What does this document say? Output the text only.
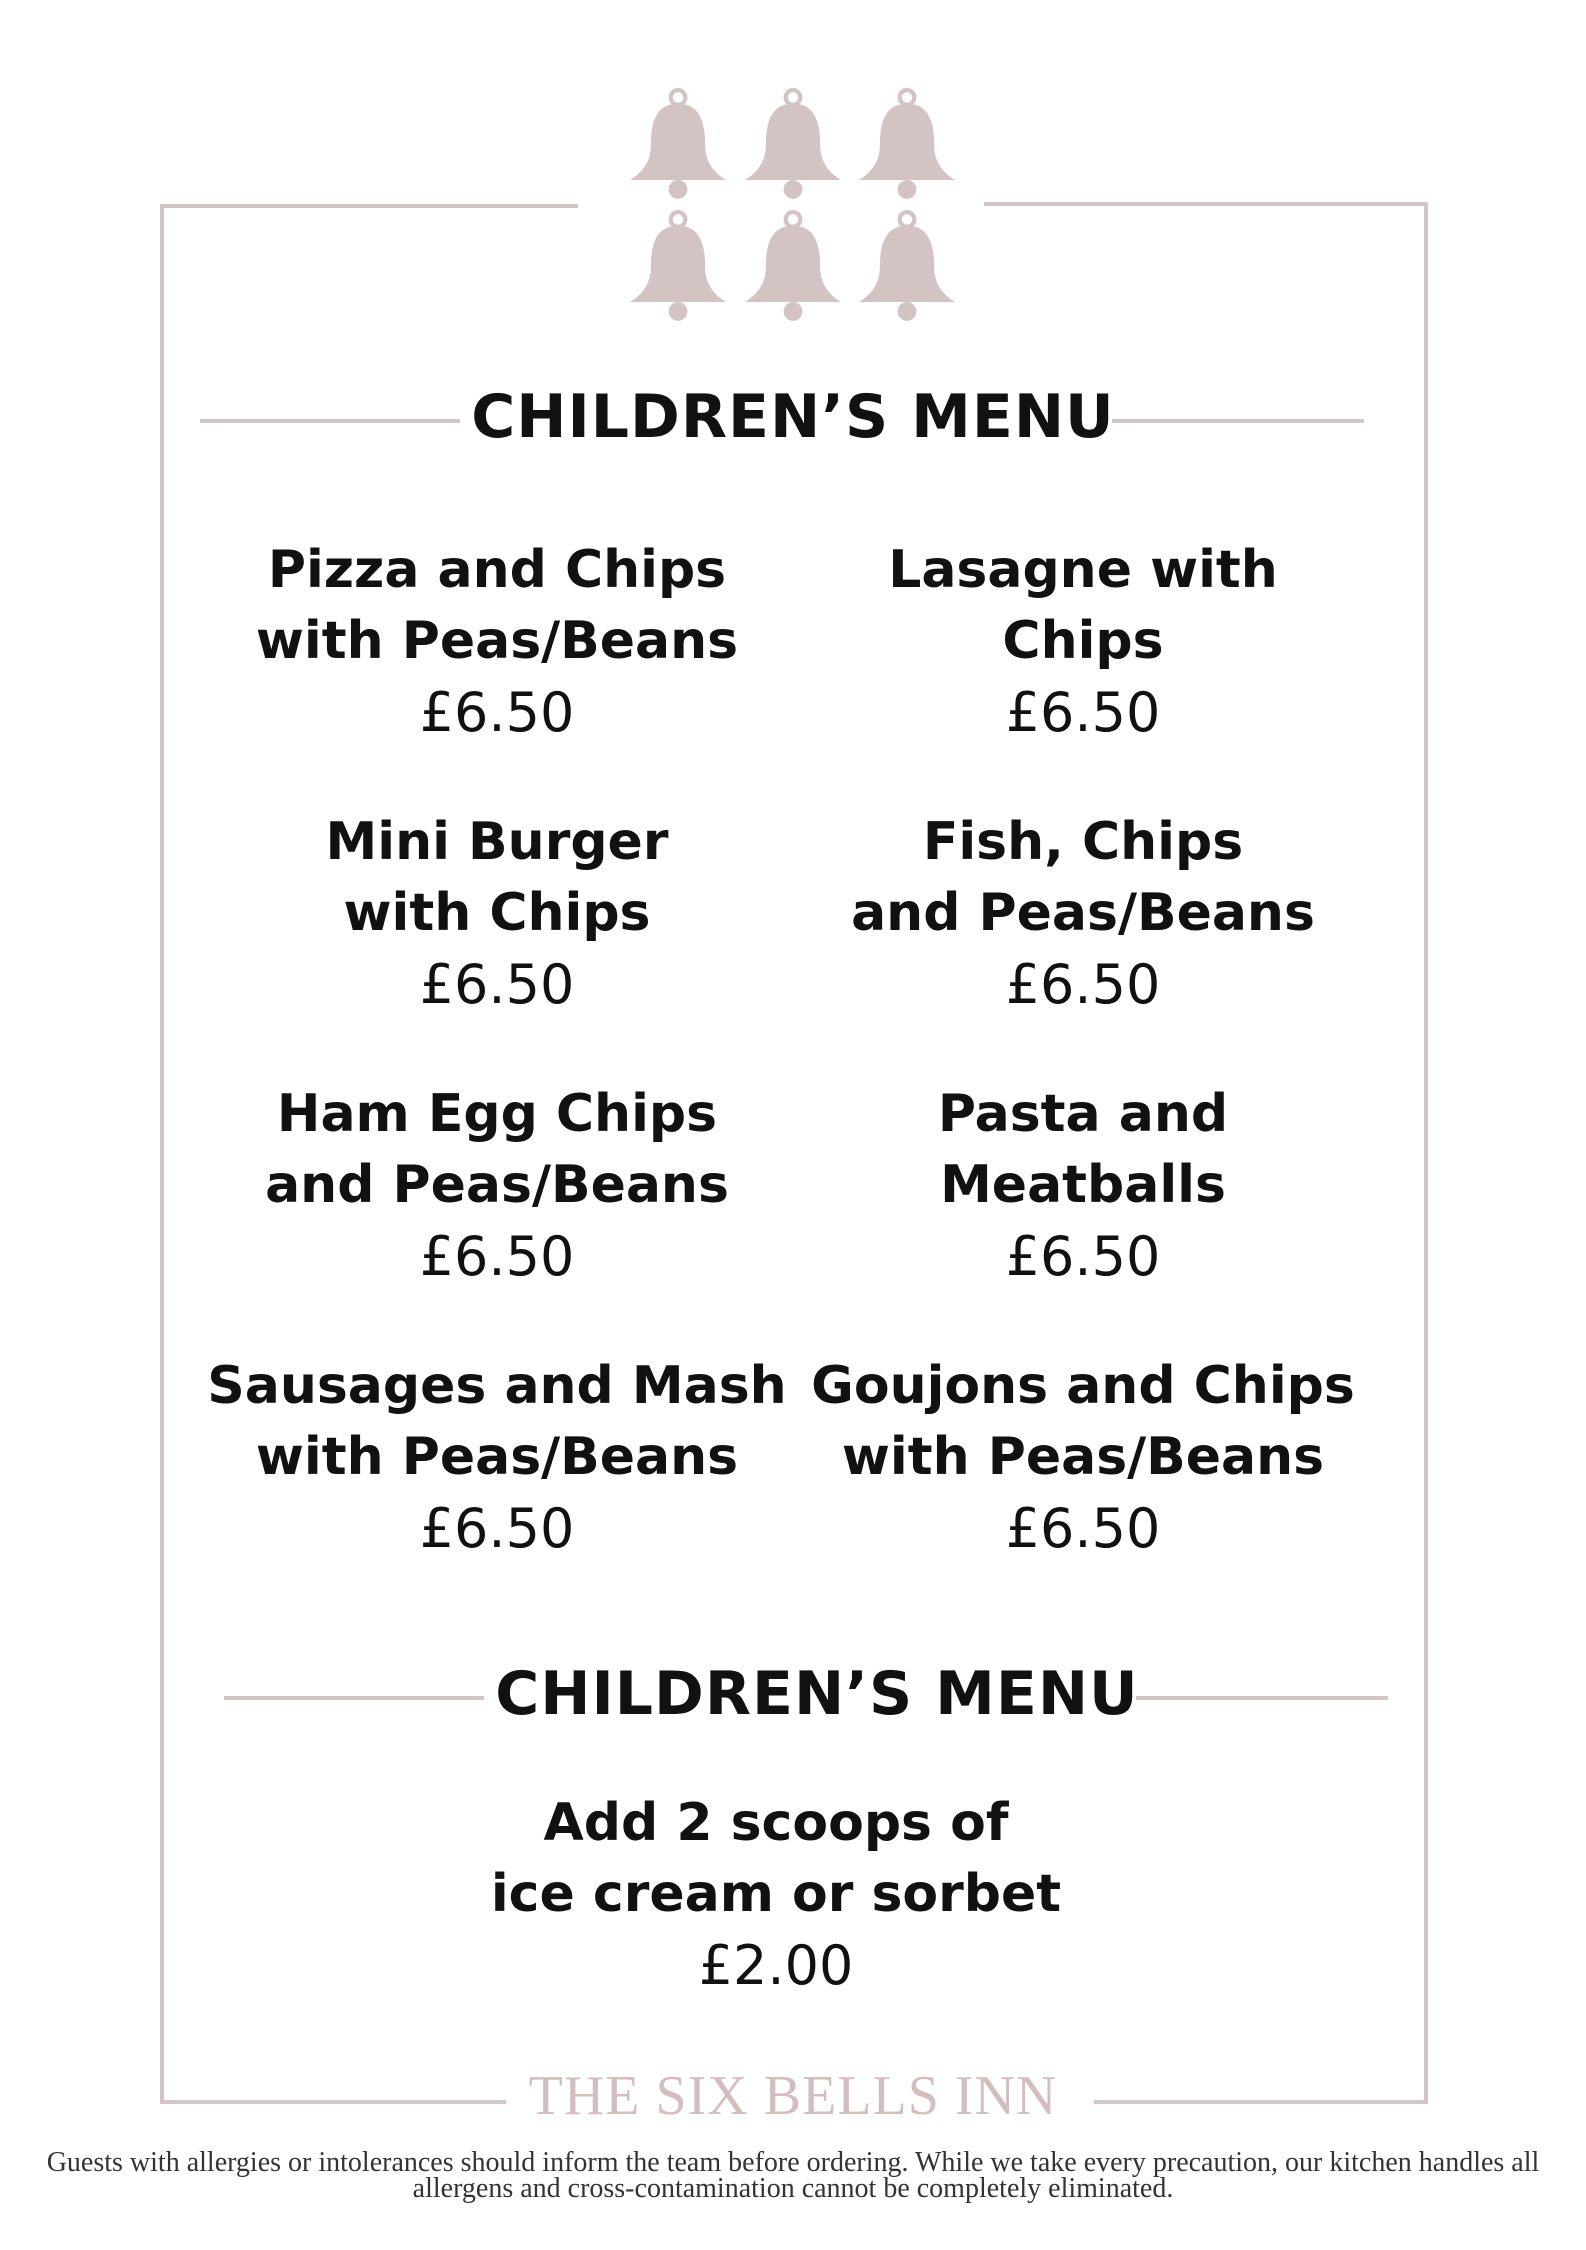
CHILDREN’S MENU
Pizza and Chips
with Peas/Beans
£6.50
Lasagne with
Chips
£6.50
Mini Burger
with Chips
£6.50
Fish, Chips
and Peas/Beans
£6.50
Ham Egg Chips
and Peas/Beans
£6.50
Pasta and
Meatballs
£6.50
Sausages and Mash
with Peas/Beans
£6.50
Goujons and Chips
with Peas/Beans
£6.50
CHILDREN’S MENU
Add 2 scoops of
ice cream or sorbet
£2.00
THE SIX BELLS INN
Guests with allergies or intolerances should inform the team before ordering. While we take every precaution, our kitchen handles all allergens and cross-contamination cannot be completely eliminated.
